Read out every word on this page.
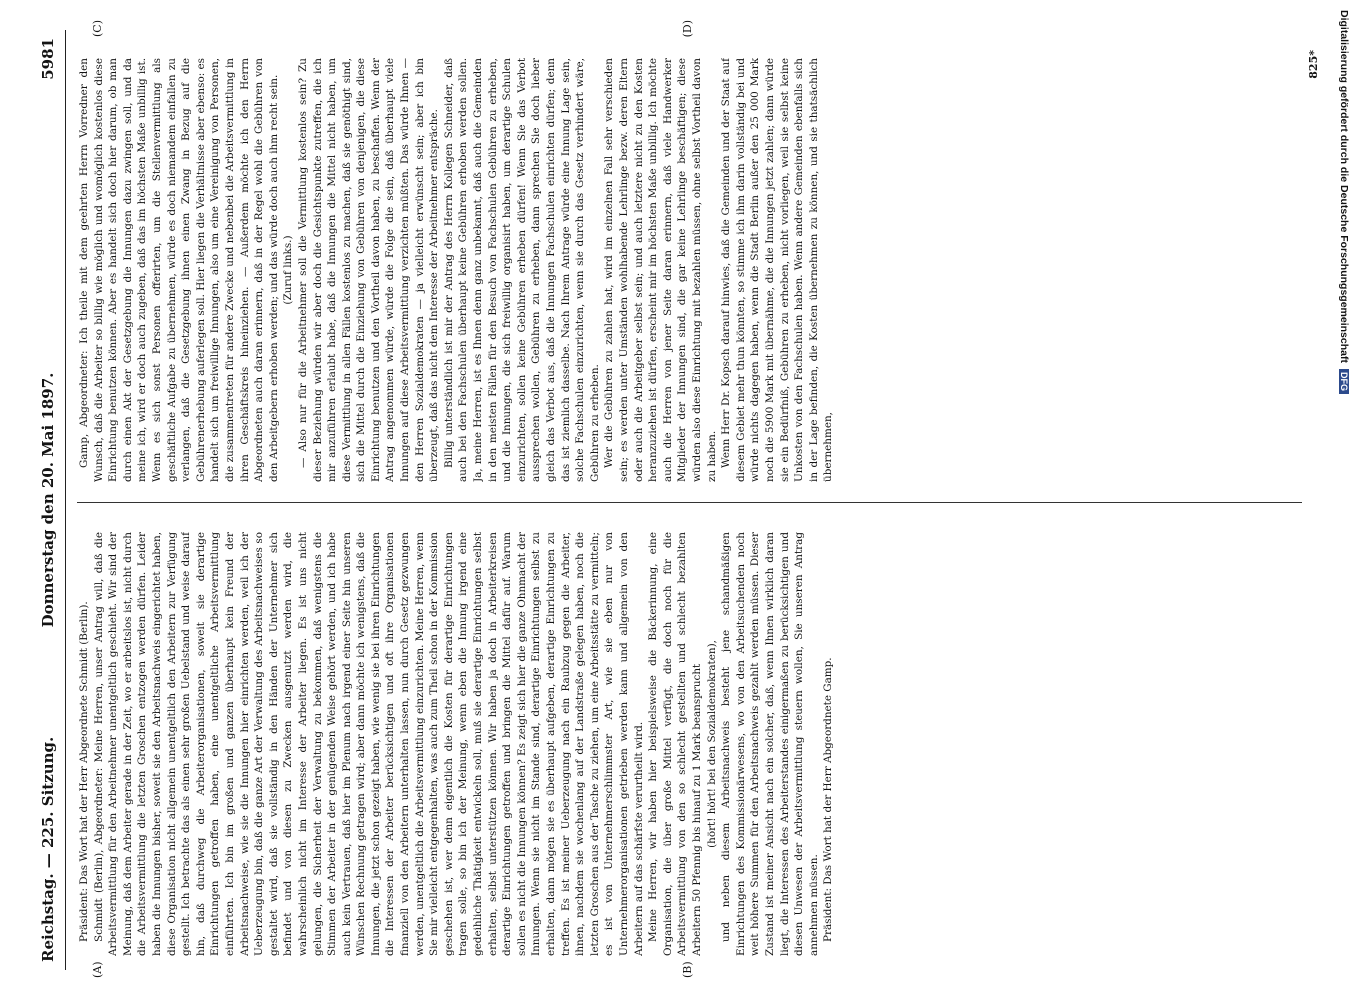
Reichstag. — 225. Sitzung.
Donnerstag den 20. Mai 1897.
5981
(A)	(B)
(C)	(D)

Präsident: Das Wort hat der Herr Abgeordnete Schmidt (Berlin). Schmidt (Berlin), Abgeordneter: Meine Herren, unser Antrag will, daß die Arbeitsvermittlung für den Arbeitnehmer unentgeltlich geschieht. Wir sind der Meinung, daß dem Arbeiter gerade in der Zeit, wo er arbeitslos ist, nicht durch die Arbeitsvermittlung die letzten Groschen entzogen werden dürfen. Leider haben die Innungen bisher, soweit sie den Arbeitsnachweis eingerichtet haben, diese Organisation nicht allgemein unentgeltlich den Arbeitern zur Verfügung gestellt. Ich betrachte das als einen sehr großen Uebelstand und weise darauf hin, daß durchweg die Arbeiterorganisationen, soweit sie derartige Einrichtungen getroffen haben, eine unentgeltliche Arbeitsvermittlung einführten. Ich bin im großen und ganzen überhaupt kein Freund der Arbeitsnachweise, wie sie die Innungen hier einrichten werden, weil ich der Ueberzeugung bin, daß die ganze Art der Verwaltung des Arbeitsnachweises so gestaltet wird, daß sie vollständig in den Händen der Unternehmer sich befindet und von diesen zu Zwecken ausgenutzt werden wird, die wahrscheinlich nicht im Interesse der Arbeiter liegen. Es ist uns nicht gelungen, die Sicherheit der Verwaltung zu bekommen, daß wenigstens die Stimmen der Arbeiter in der genügenden Weise gehört werden, und ich habe auch kein Vertrauen, daß hier im Plenum nach irgend einer Seite hin unseren Wünschen Rechnung getragen wird; aber dann möchte ich wenigstens, daß die Innungen, die jetzt schon gezeigt haben, wie wenig sie bei ihren Einrichtungen die Interessen der Arbeiter berücksichtigen und oft ihre Organisationen finanziell von den Arbeitern unterhalten lassen, nun durch Gesetz gezwungen werden, unentgeltlich die Arbeitsvermittlung einzurichten. Meine Herren, wenn Sie mir vielleicht entgegenhalten, was auch zum Theil schon in der Kommission geschehen ist, wer denn eigentlich die Kosten für derartige Einrichtungen tragen solle, so bin ich der Meinung, wenn eben die Innung irgend eine gedeihliche Thätigkeit entwickeln soll, muß sie derartige Einrichtungen selbst erhalten, selbst unterstützen können. Wir haben ja doch in Arbeiterkreisen derartige Einrichtungen getroffen und bringen die Mittel dafür auf. Warum sollen es nicht die Innungen können? Es zeigt sich hier die ganze Ohnmacht der Innungen. Wenn sie nicht im Stande sind, derartige Einrichtungen selbst zu erhalten, dann mögen sie es überhaupt aufgeben, derartige Einrichtungen zu treffen. Es ist meiner Ueberzeugung nach ein Raubzug gegen die Arbeiter, ihnen, nachdem sie wochenlang auf der Landstraße gelegen haben, noch die letzten Groschen aus der Tasche zu ziehen, um eine Arbeitsstätte zu vermitteln; es ist von Unternehmerschlimmster Art, wie sie eben nur von Unternehmerorganisationen getrieben werden kann und allgemein von den Arbeitern auf das schärfste verurtheilt wird. Meine Herren, wir haben hier beispielsweise die Bäckerinnung, eine Organisation, die über große Mittel verfügt, die doch noch für die Arbeitsvermittlung von den so schlecht gestellten und schlecht bezahlten Arbeitern 50 Pfennig bis hinauf zu 1 Mark beansprucht (hört! hört! bei den Sozialdemokraten), und neben diesem Arbeitsnachweis besteht jene schandmäßigen Einrichtungen des Kommissionärwesens, wo von den Arbeitsuchenden noch weit höhere Summen für den Arbeitsnachweis gezahlt werden müssen. Dieser Zustand ist meiner Ansicht nach ein solcher, daß, wenn Ihnen wirklich daran liegt, die Interessen des Arbeiterstandes einigermaßen zu berücksichtigen und diesen Unwesen der Arbeitsvermittlung steuern wollen, Sie unseren Antrag annehmen müssen. Präsident: Das Wort hat der Herr Abgeordnete Gamp.

Gamp, Abgeordneter: Ich theile mit dem geehrten Herrn Vorredner den Wunsch, daß die Arbeiter so billig wie möglich und womöglich kostenlos diese Einrichtung benutzen können. Aber es handelt sich doch hier darum, ob man durch einen Akt der Gesetzgebung die Innungen dazu zwingen soll, und da meine ich, wird er doch auch zugeben, daß das im höchsten Maße unbillig ist. Wenn es sich sonst Personen offerirten, um die Stellenvermittlung als geschäftliche Aufgabe zu übernehmen, würde es doch niemandem einfallen zu verlangen, daß die Gesetzgebung ihnen einen Zwang in Bezug auf die Gebührenerhebung auferlegen soll. Hier liegen die Verhältnisse aber ebenso: es handelt sich um freiwillige Innungen, also um eine Vereinigung von Personen, die zusammentreten für andere Zwecke und nebenbei die Arbeitsvermittlung in ihren Geschäftskreis hineinziehen. — Außerdem möchte ich den Herrn Abgeordneten auch daran erinnern, daß in der Regel wohl die Gebühren von den Arbeitgebern erhoben werden; und das würde doch auch ihm recht sein. (Zuruf links.) — Also nur für die Arbeitnehmer soll die Vermittlung kostenlos sein? Zu dieser Beziehung würden wir aber doch die Gesichtspunkte zutreffen, die ich mir anzuführen erlaubt habe, daß die Innungen die Mittel nicht haben, um diese Vermittlung in allen Fällen kostenlos zu machen, daß sie genöthigt sind, sich die Mittel durch die Einziehung von Gebühren von denjenigen, die diese Einrichtung benutzen und den Vortheil davon haben, zu beschaffen. Wenn der Antrag angenommen würde, würde die Folge die sein, daß überhaupt viele Innungen auf diese Arbeitsvermittlung verzichten müßten. Das würde Ihnen — den Herren Sozialdemokraten — ja vielleicht erwünscht sein; aber ich bin überzeugt, daß das nicht dem Interesse der Arbeitnehmer entspräche. Billig unterständlich ist mir der Antrag des Herrn Kollegen Schneider, daß auch bei den Fachschulen überhaupt keine Gebühren erhoben werden sollen. Ja, meine Herren, ist es Ihnen denn ganz unbekannt, daß auch die Gemeinden in den meisten Fällen für den Besuch von Fachschulen Gebühren zu erheben, und die Innungen, die sich freiwillig organisirt haben, um derartige Schulen einzurichten, sollen keine Gebühren erheben dürfen! Wenn Sie das Verbot aussprechen wollen, Gebühren zu erheben, dann sprechen Sie doch lieber gleich das Verbot aus, daß die Innungen Fachschulen einrichten dürfen; denn das ist ziemlich dasselbe. Nach Ihrem Antrage würde eine Innung Lage sein, solche Fachschulen einzurichten, wenn sie durch das Gesetz verhindert wäre, Gebühren zu erheben. Wer die Gebühren zu zahlen hat, wird im einzelnen Fall sehr verschieden sein; es werden unter Umständen wohlhabende Lehrlinge bezw. deren Eltern oder auch die Arbeitgeber selbst sein; und auch letztere nicht zu den Kosten heranzuziehen ist dürfen, erscheint mir im höchsten Maße unbillig. Ich möchte auch die Herren von jener Seite daran erinnern, daß viele Handwerker Mitglieder der Innungen sind, die gar keine Lehrlinge beschäftigen; diese würden also diese Einrichtung mit bezahlen müssen, ohne selbst Vortheil davon zu haben. Wenn Herr Dr. Kopsch darauf hinwies, daß die Gemeinden und der Staat auf diesem Gebiet mehr thun könnten, so stimme ich ihm darin vollständig bei und würde nichts dagegen haben, wenn die Stadt Berlin außer den 25 000 Mark noch die 5900 Mark mit übernähme, die die Innungen jetzt zahlen; dann würde sie ein Bedürfniß, Gebühren zu erheben, nicht vorliegen, weil sie selbst keine Unkosten von den Fachschulen haben. Wenn andere Gemeinden ebenfalls sich in der Lage befinden, die Kosten übernehmen zu können, und sie thatsächlich übernehmen,

825*	Digitalisierung gefördert durch die Deutsche ForschungsgemeinschaftDFG
